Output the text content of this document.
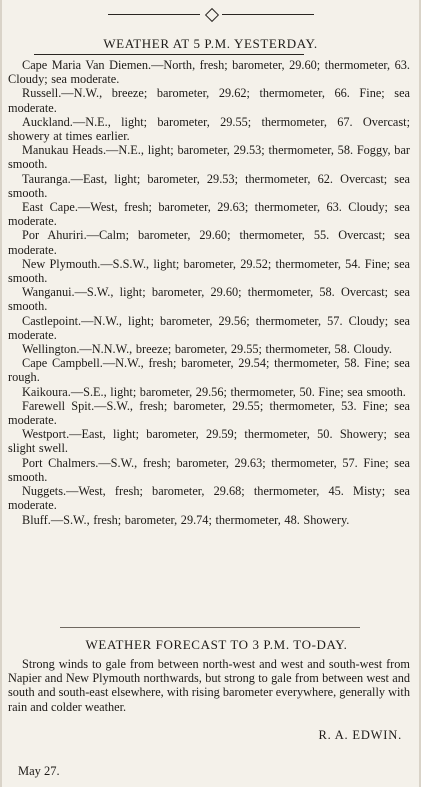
WEATHER AT 5 P.M. YESTERDAY.

Cape Maria Van Diemen.—North, fresh; barometer, 29.60; thermometer, 63. Cloudy; sea moderate.

Russell.—N.W., breeze; barometer, 29.62; thermometer, 66. Fine; sea moderate.

Auckland.—N.E., light; barometer, 29.55; thermometer, 67. Overcast; showery at times earlier.

Manukau Heads.—N.E., light; barometer, 29.53; thermometer, 58. Foggy, bar smooth.

Tauranga.—East, light; barometer, 29.53; thermometer, 62. Overcast; sea smooth.

East Cape.—West, fresh; barometer, 29.63; thermometer, 63. Cloudy; sea moderate.

Por Ahuriri.—Calm; barometer, 29.60; thermometer, 55. Overcast; sea moderate.

New Plymouth.—S.S.W., light; barometer, 29.52; thermometer, 54. Fine; sea smooth.

Wanganui.—S.W., light; barometer, 29.60; thermometer, 58. Overcast; sea smooth.

Castlepoint.—N.W., light; barometer, 29.56; thermometer, 57. Cloudy; sea moderate.

Wellington.—N.N.W., breeze; barometer, 29.55; thermometer, 58. Cloudy.

Cape Campbell.—N.W., fresh; barometer, 29.54; thermometer, 58. Fine; sea rough.

Kaikoura.—S.E., light; barometer, 29.56; thermometer, 50. Fine; sea smooth.

Farewell Spit.—S.W., fresh; barometer, 29.55; thermometer, 53. Fine; sea moderate.

Westport.—East, light; barometer, 29.59; thermometer, 50. Showery; sea slight swell.

Port Chalmers.—S.W., fresh; barometer, 29.63; thermometer, 57. Fine; sea smooth.

Nuggets.—West, fresh; barometer, 29.68; thermometer, 45. Misty; sea moderate.

Bluff.—S.W., fresh; barometer, 29.74; thermometer, 48. Showery.

WEATHER FORECAST TO 3 P.M. TO-DAY.

Strong winds to gale from between north-west and west and south-west from Napier and New Plymouth northwards, but strong to gale from between west and south and south-east elsewhere, with rising barometer everywhere, generally with rain and colder weather.

R. A. EDWIN.
May 27.
